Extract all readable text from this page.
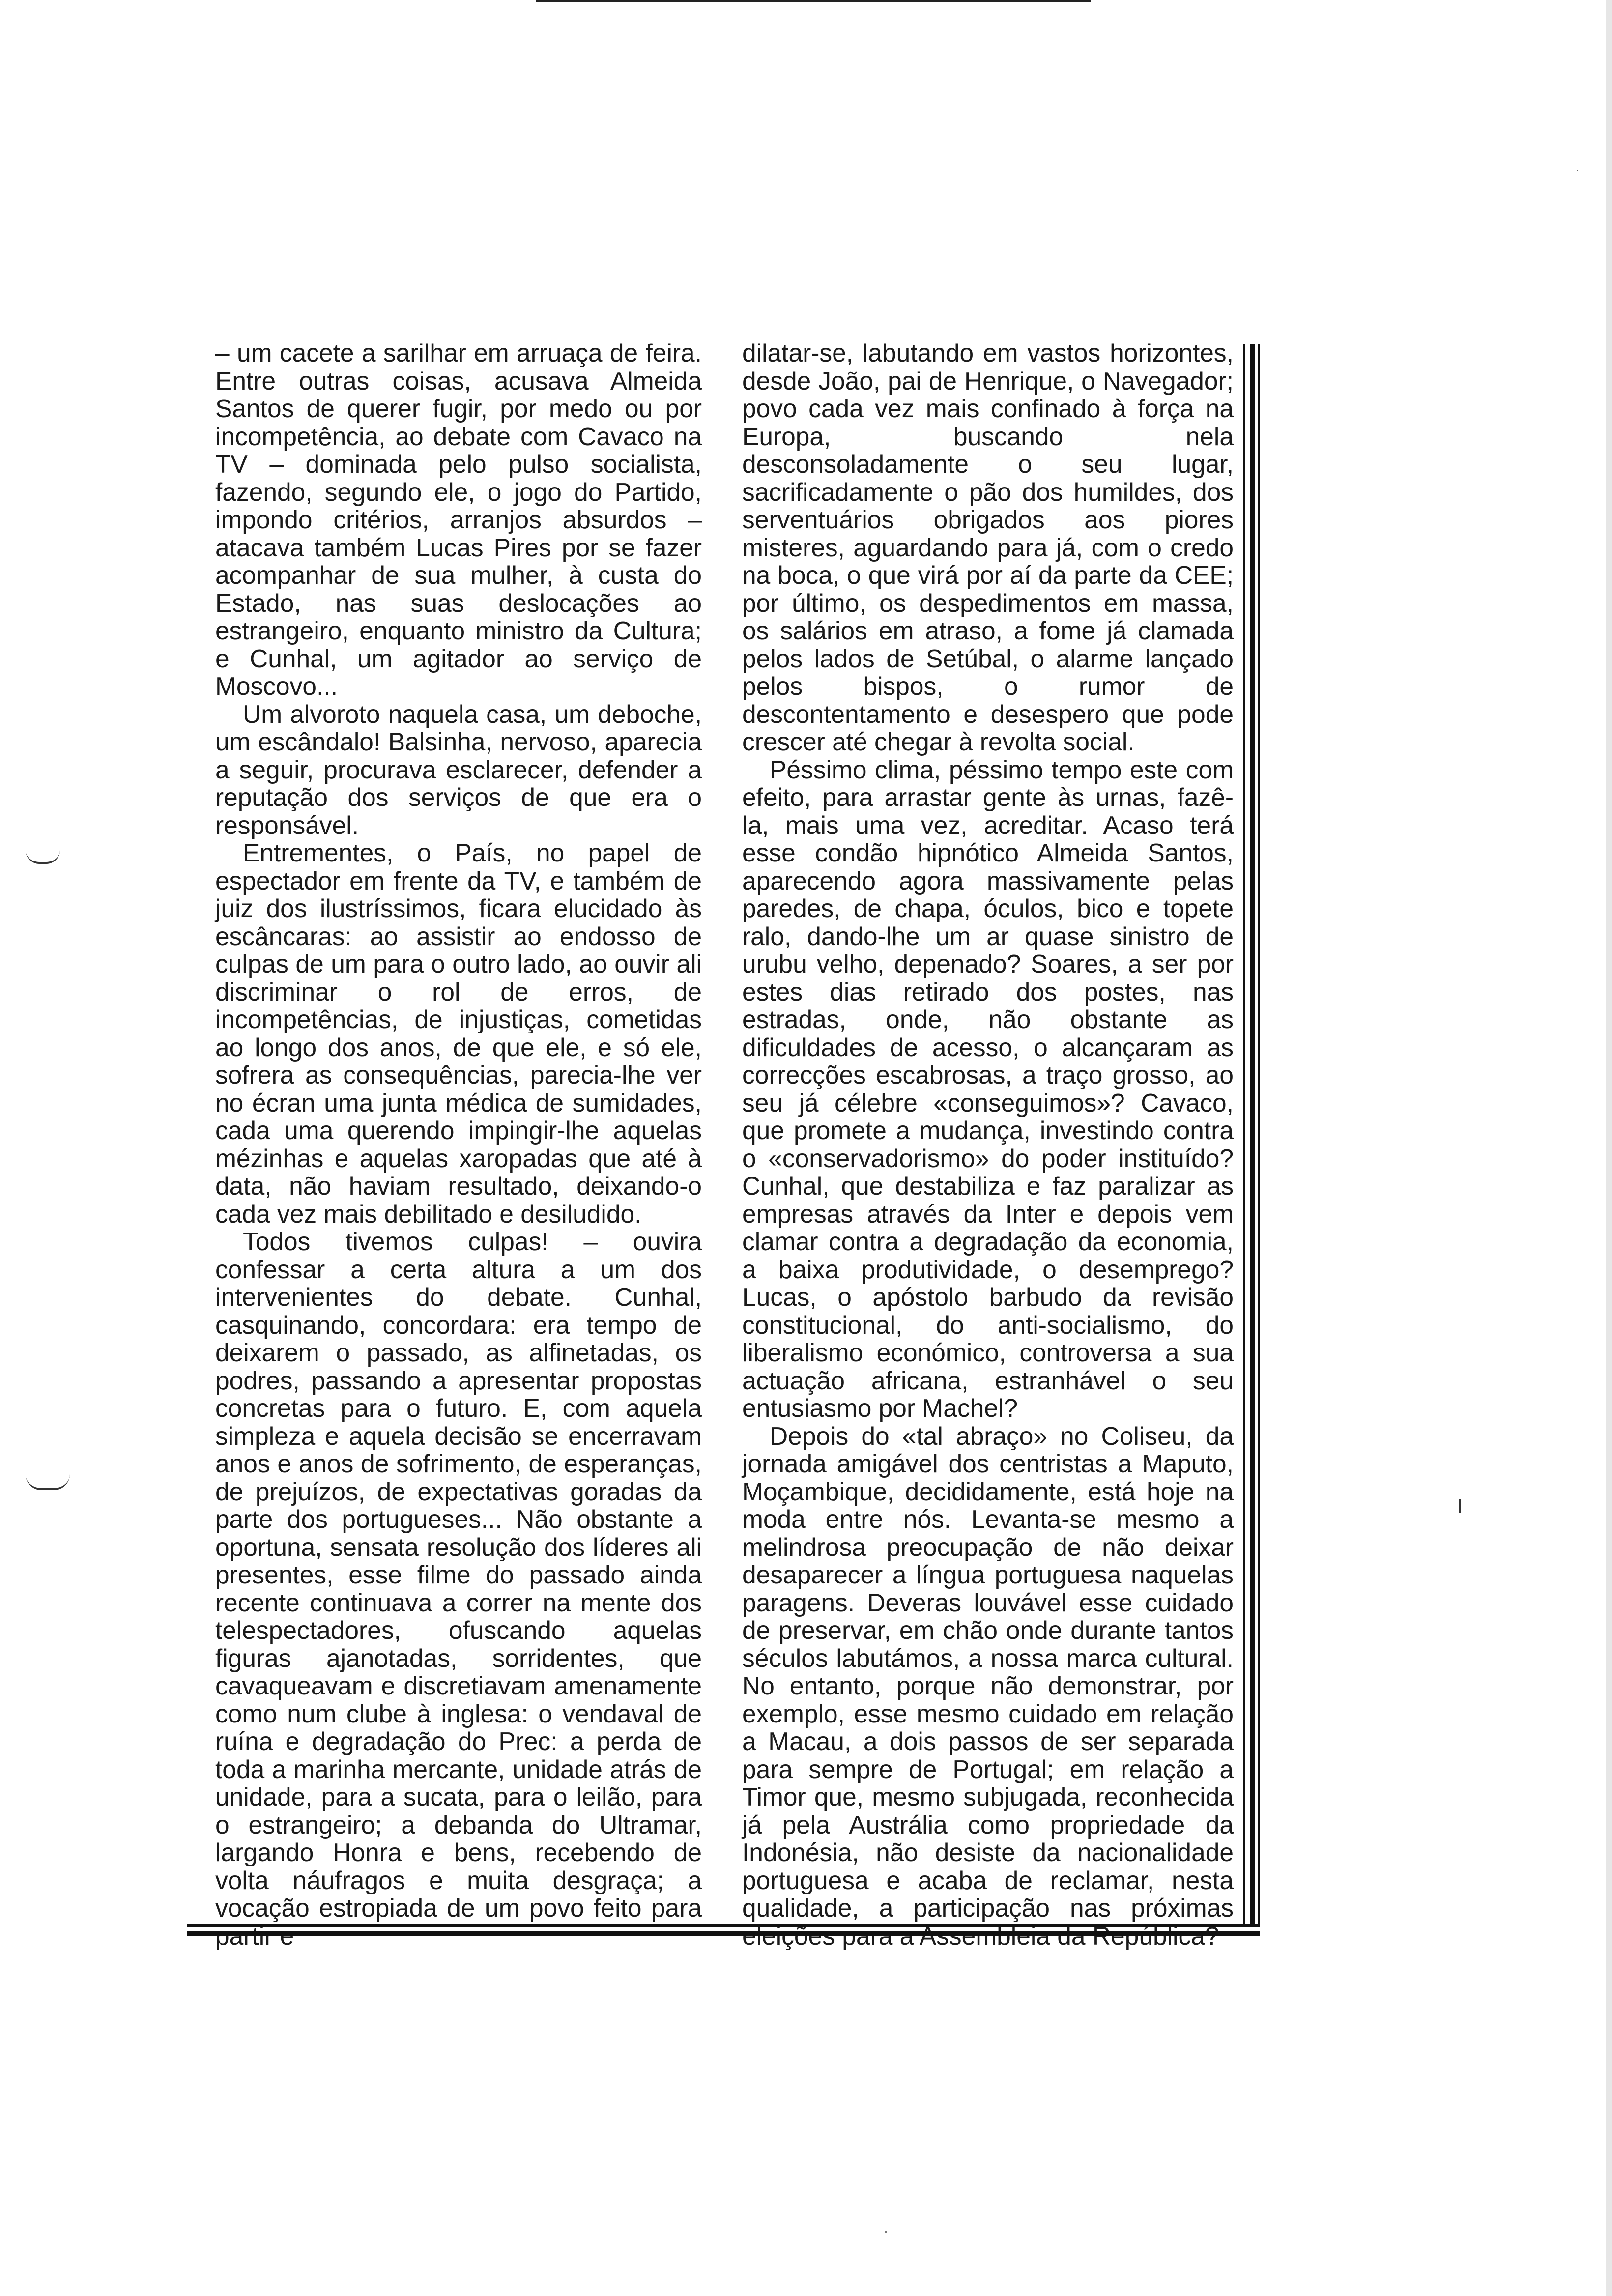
– um cacete a sarilhar em arruaça de feira. Entre outras coisas, acusava Almeida Santos de querer fugir, por medo ou por incompetência, ao debate com Cavaco na TV – dominada pelo pulso socialista, fazendo, segundo ele, o jogo do Partido, impondo critérios, arranjos absurdos – atacava também Lucas Pires por se fazer acompanhar de sua mulher, à custa do Estado, nas suas deslocações ao estrangeiro, enquanto ministro da Cultura; e Cunhal, um agitador ao serviço de Moscovo...

Um alvoroto naquela casa, um deboche, um escândalo! Balsinha, nervoso, aparecia a seguir, procurava esclarecer, defender a reputação dos serviços de que era o responsável.

Entrementes, o País, no papel de espectador em frente da TV, e também de juiz dos ilustríssimos, ficara elucidado às escâncaras: ao assistir ao endosso de culpas de um para o outro lado, ao ouvir ali discriminar o rol de erros, de incompetências, de injustiças, cometidas ao longo dos anos, de que ele, e só ele, sofrera as consequências, parecia-lhe ver no écran uma junta médica de sumidades, cada uma querendo impingir-lhe aquelas mézinhas e aquelas xaropadas que até à data, não haviam resultado, deixando-o cada vez mais debilitado e desiludido.

Todos tivemos culpas! – ouvira confessar a certa altura a um dos intervenientes do debate. Cunhal, casquinando, concordara: era tempo de deixarem o passado, as alfinetadas, os podres, passando a apresentar propostas concretas para o futuro. E, com aquela simpleza e aquela decisão se encerravam anos e anos de sofrimento, de esperanças, de prejuízos, de expectativas goradas da parte dos portugueses... Não obstante a oportuna, sensata resolução dos líderes ali presentes, esse filme do passado ainda recente continuava a correr na mente dos telespectadores, ofuscando aquelas figuras ajanotadas, sorridentes, que cavaqueavam e discretiavam amenamente como num clube à inglesa: o vendaval de ruína e degradação do Prec: a perda de toda a marinha mercante, unidade atrás de unidade, para a sucata, para o leilão, para o estrangeiro; a debanda do Ultramar, largando Honra e bens, recebendo de volta náufragos e muita desgraça; a vocação estropiada de um povo feito para

dilatar-se, labutando em vastos horizontes, desde João, pai de Henrique, o Navegador; povo cada vez mais confinado à força na Europa, buscando nela desconsoladamente o seu lugar, sacrificadamente o pão dos humildes, dos serventuários obrigados aos piores misteres, aguardando para já, com o credo na boca, o que virá por aí da parte da CEE; por último, os despedimentos em massa, os salários em atraso, a fome já clamada pelos lados de Setúbal, o alarme lançado pelos bispos, o rumor de descontentamento e desespero que pode crescer até chegar à revolta social.

Péssimo clima, péssimo tempo este com efeito, para arrastar gente às urnas, fazê-la, mais uma vez, acreditar. Acaso terá esse condão hipnótico Almeida Santos, aparecendo agora massivamente pelas paredes, de chapa, óculos, bico e topete ralo, dando-lhe um ar quase sinistro de urubu velho, depenado? Soares, a ser por estes dias retirado dos postes, nas estradas, onde, não obstante as dificuldades de acesso, o alcançaram as correcções escabrosas, a traço grosso, ao seu já célebre «conseguimos»? Cavaco, que promete a mudança, investindo contra o «conservadorismo» do poder instituído? Cunhal, que destabiliza e faz paralizar as empresas através da Inter e depois vem clamar contra a degradação da economia, a baixa produtividade, o desemprego? Lucas, o apóstolo barbudo da revisão constitucional, do anti-socialismo, do liberalismo económico, controversa a sua actuação africana, estranhável o seu entusiasmo por Machel?

Depois do «tal abraço» no Coliseu, da jornada amigável dos centristas a Maputo, Moçambique, decididamente, está hoje na moda entre nós. Levanta-se mesmo a melindrosa preocupação de não deixar desaparecer a língua portuguesa naquelas paragens. Deveras louvável esse cuidado de preservar, em chão onde durante tantos séculos labutámos, a nossa marca cultural. No entanto, porque não demonstrar, por exemplo, esse mesmo cuidado em relação a Macau, a dois passos de ser separada para sempre de Portugal; em relação a Timor que, mesmo subjugada, reconhecida já pela Austrália como propriedade da Indonésia, não desiste da nacionalidade portuguesa e acaba de reclamar, nesta qualidade, a participação nas próximas
